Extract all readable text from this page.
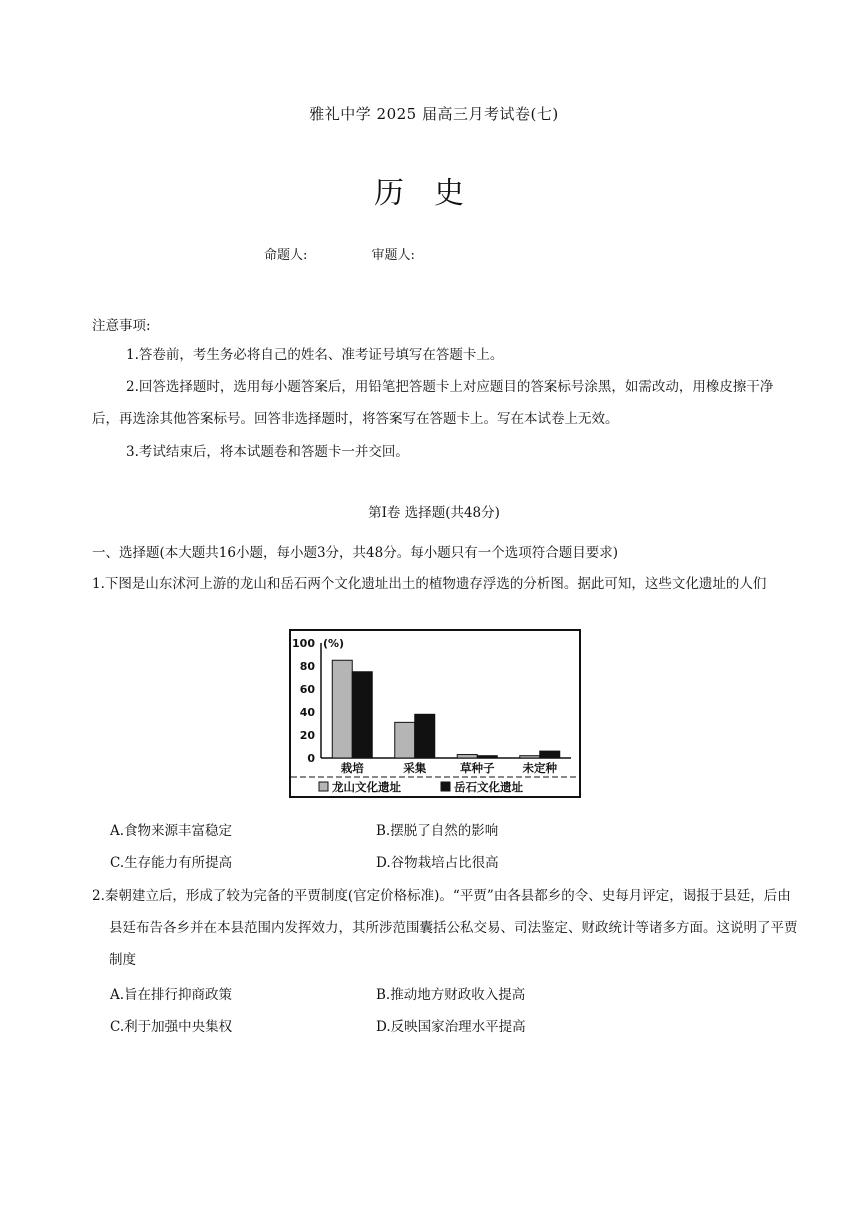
雅礼中学 2025 届高三月考试卷(七)
历史
命题人:	审题人:
注意事项:
1.答卷前，考生务必将自己的姓名、准考证号填写在答题卡上。
2.回答选择题时，选用每小题答案后，用铅笔把答题卡上对应题目的答案标号涂黑，如需改动，用橡皮擦干净后，再选涂其他答案标号。回答非选择题时，将答案写在答题卡上。写在本试卷上无效。
3.考试结束后，将本试题卷和答题卡一并交回。
第Ⅰ卷 选择题(共48分)
一、选择题(本大题共16小题，每小题3分，共48分。每小题只有一个选项符合题目要求)
1.下图是山东沭河上游的龙山和岳石两个文化遗址出土的植物遗存浮选的分析图。据此可知，这些文化遗址的人们
0
20
40
60
80
100 (%)
栽培	采集	草种子 未定种
龙山文化遗址	岳石文化遗址
A.食物来源丰富稳定	B.摆脱了自然的影响
C.生存能力有所提高	D.谷物栽培占比很高
2.秦朝建立后，形成了较为完备的平贾制度(官定价格标准)。“平贾”由各县都乡的令、史每月评定，谒报于县廷，后由县廷布告各乡并在本县范围内发挥效力，其所涉范围囊括公私交易、司法鉴定、财政统计等诸多方面。这说明了平贾制度
A.旨在排行抑商政策	B.推动地方财政收入提高
C.利于加强中央集权	D.反映国家治理水平提高
